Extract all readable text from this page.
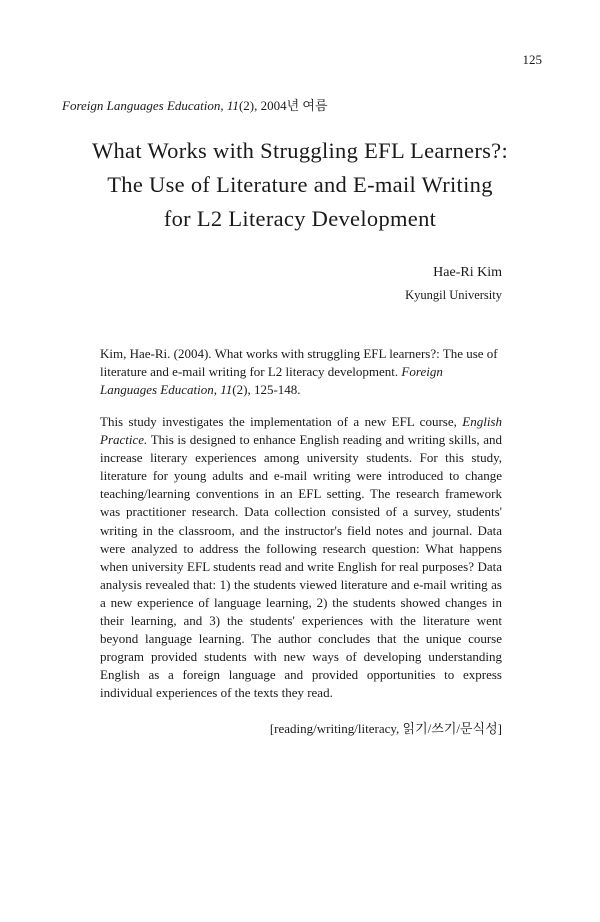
125
Foreign Languages Education, 11(2), 2004년 여름
What Works with Struggling EFL Learners?:
The Use of Literature and E-mail Writing
for L2 Literacy Development
Hae-Ri Kim
Kyungil University
Kim, Hae-Ri. (2004). What works with struggling EFL learners?: The use of literature and e-mail writing for L2 literacy development. Foreign Languages Education, 11(2), 125-148.
This study investigates the implementation of a new EFL course, English Practice. This is designed to enhance English reading and writing skills, and increase literary experiences among university students. For this study, literature for young adults and e-mail writing were introduced to change teaching/learning conventions in an EFL setting. The research framework was practitioner research. Data collection consisted of a survey, students' writing in the classroom, and the instructor's field notes and journal. Data were analyzed to address the following research question: What happens when university EFL students read and write English for real purposes? Data analysis revealed that: 1) the students viewed literature and e-mail writing as a new experience of language learning, 2) the students showed changes in their learning, and 3) the students' experiences with the literature went beyond language learning. The author concludes that the unique course program provided students with new ways of developing understanding English as a foreign language and provided opportunities to express individual experiences of the texts they read.
[reading/writing/literacy, 읽기/쓰기/문식성]
